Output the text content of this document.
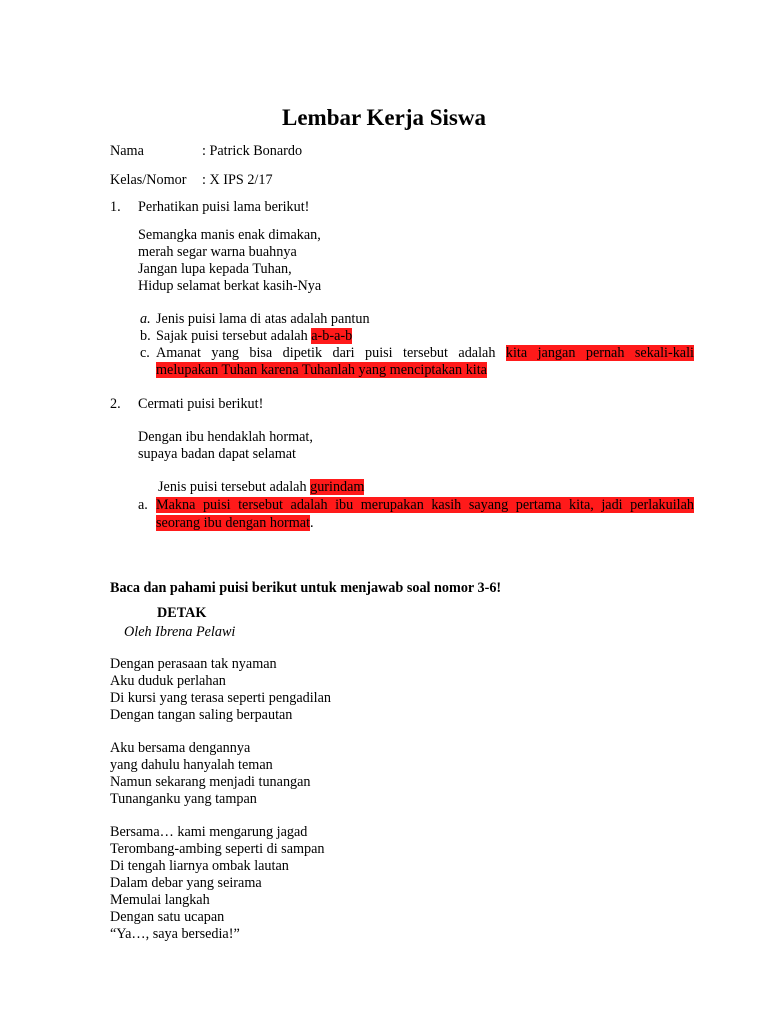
Lembar Kerja Siswa
Nama	: Patrick Bonardo
Kelas/Nomor : X IPS 2/17
1. Perhatikan puisi lama berikut!
Semangka manis enak dimakan,
merah segar warna buahnya
Jangan lupa kepada Tuhan,
Hidup selamat berkat kasih-Nya
a. Jenis puisi lama di atas adalah pantun
b. Sajak puisi tersebut adalah a-b-a-b
c. Amanat yang bisa dipetik dari puisi tersebut adalah kita jangan pernah sekali-kali
melupakan Tuhan karena Tuhanlah yang menciptakan kita
2. Cermati puisi berikut!
Dengan ibu hendaklah hormat,
supaya badan dapat selamat
Jenis puisi tersebut adalah gurindam
a. Makna puisi tersebut adalah ibu merupakan kasih sayang pertama kita, jadi perlakuilah
seorang ibu dengan hormat.
Baca dan pahami puisi berikut untuk menjawab soal nomor 3-6!
DETAK
Oleh Ibrena Pelawi
Dengan perasaan tak nyaman
Aku duduk perlahan
Di kursi yang terasa seperti pengadilan
Dengan tangan saling berpautan
Aku bersama dengannya
yang dahulu hanyalah teman
Namun sekarang menjadi tunangan
Tunanganku yang tampan
Bersama… kami mengarung jagad
Terombang-ambing seperti di sampan
Di tengah liarnya ombak lautan
Dalam debar yang seirama
Memulai langkah
Dengan satu ucapan
“Ya…, saya bersedia!”
